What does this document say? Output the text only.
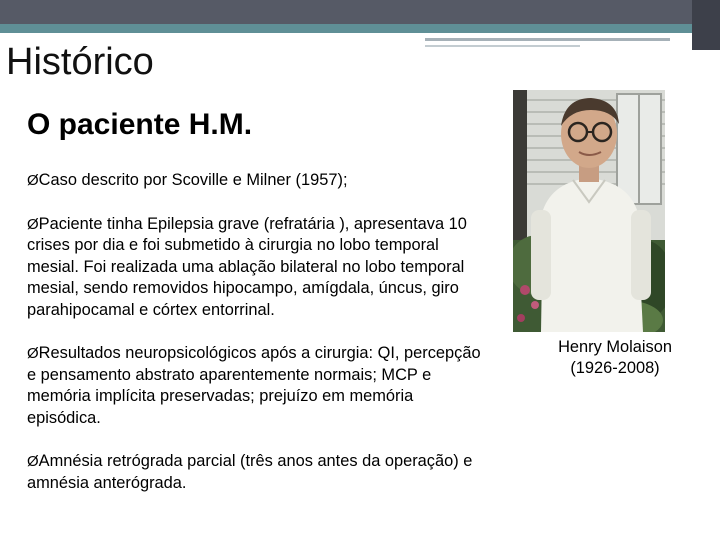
Histórico
O paciente H.M.
ØCaso descrito por Scoville e Milner (1957);
ØPaciente tinha Epilepsia grave (refratária ), apresentava 10 crises por dia e foi submetido à cirurgia no lobo temporal mesial. Foi realizada uma ablação bilateral no lobo temporal mesial, sendo removidos hipocampo, amígdala, úncus, giro parahipocamal e córtex entorrinal.
ØResultados neuropsicológicos após a cirurgia: QI, percepção e pensamento abstrato aparentemente normais; MCP e memória implícita preservadas; prejuízo em memória episódica.
ØAmnésia retrógrada parcial (três anos antes da operação) e amnésia anterógrada.
Henry Molaison
(1926-2008)
